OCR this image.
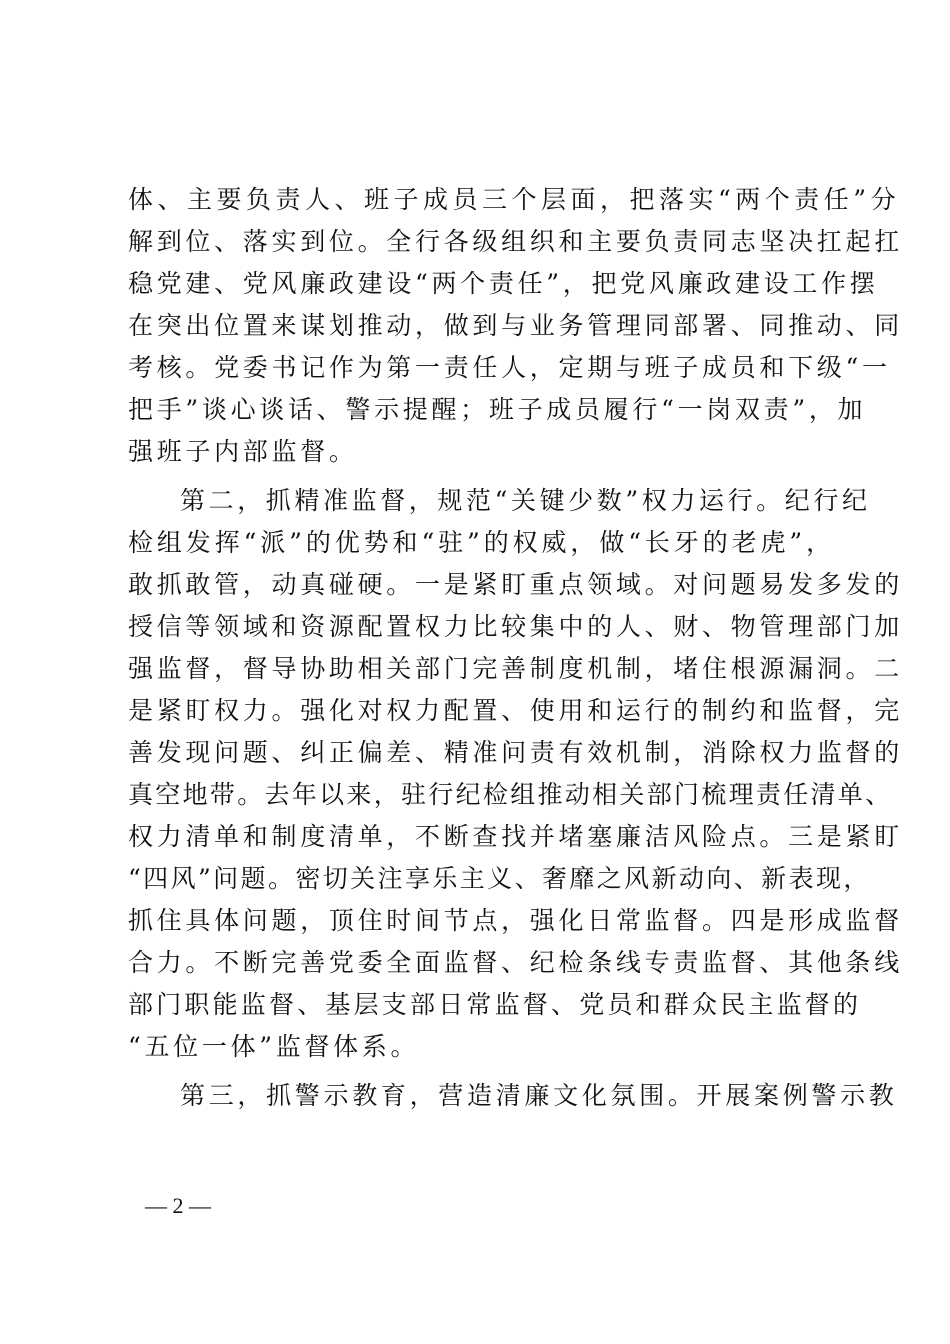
体、主要负责人、班子成员三个层面，把落实“两个责任”分
解到位、落实到位。全行各级组织和主要负责同志坚决扛起扛
稳党建、党风廉政建设“两个责任”，把党风廉政建设工作摆
在突出位置来谋划推动，做到与业务管理同部署、同推动、同
考核。党委书记作为第一责任人，定期与班子成员和下级“一
把手”谈心谈话、警示提醒；班子成员履行“一岗双责”，加
强班子内部监督。
第二，抓精准监督，规范“关键少数”权力运行。纪行纪
检组发挥“派”的优势和“驻”的权威，做“长牙的老虎”，
敢抓敢管，动真碰硬。一是紧盯重点领域。对问题易发多发的
授信等领域和资源配置权力比较集中的人、财、物管理部门加
强监督，督导协助相关部门完善制度机制，堵住根源漏洞。二
是紧盯权力。强化对权力配置、使用和运行的制约和监督，完
善发现问题、纠正偏差、精准问责有效机制，消除权力监督的
真空地带。去年以来，驻行纪检组推动相关部门梳理责任清单、
权力清单和制度清单，不断查找并堵塞廉洁风险点。三是紧盯
“四风”问题。密切关注享乐主义、奢靡之风新动向、新表现，
抓住具体问题，顶住时间节点，强化日常监督。四是形成监督
合力。不断完善党委全面监督、纪检条线专责监督、其他条线
部门职能监督、基层支部日常监督、党员和群众民主监督的
“五位一体”监督体系。
第三，抓警示教育，营造清廉文化氛围。开展案例警示教
— 2 —
